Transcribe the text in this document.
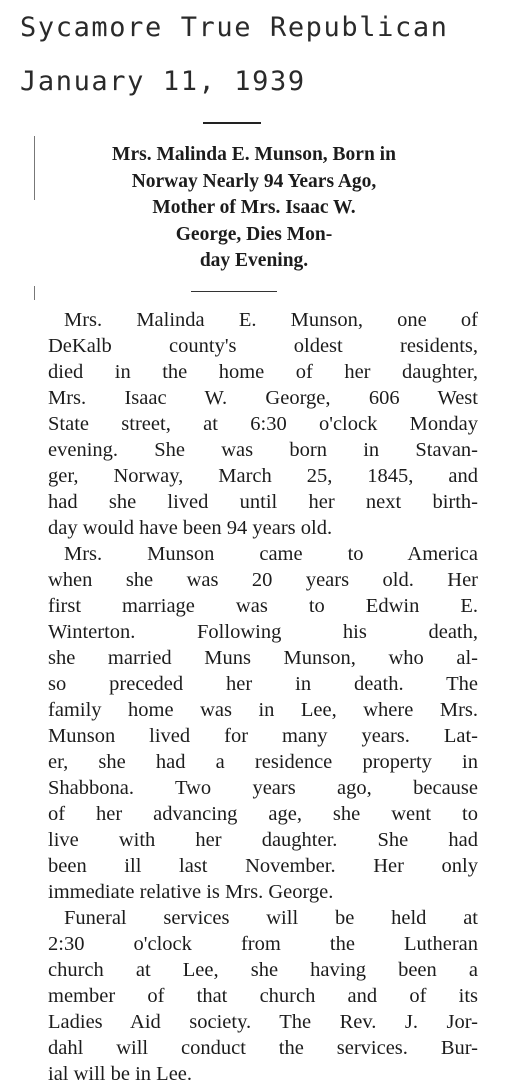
Sycamore True Republican
January 11, 1939
Mrs. Malinda E. Munson, Born in
Norway Nearly 94 Years Ago,
Mother of Mrs. Isaac W.
George, Dies Mon-
day Evening.
Mrs. Malinda E. Munson, one of
DeKalb county's oldest residents,
died in the home of her daughter,
Mrs. Isaac W. George, 606 West
State street, at 6:30 o'clock Monday
evening. She was born in Stavan-
ger, Norway, March 25, 1845, and
had she lived until her next birth-
day would have been 94 years old.
Mrs. Munson came to America
when she was 20 years old. Her
first marriage was to Edwin E.
Winterton. Following his death,
she married Muns Munson, who al-
so preceded her in death. The
family home was in Lee, where Mrs.
Munson lived for many years. Lat-
er, she had a residence property in
Shabbona. Two years ago, because
of her advancing age, she went to
live with her daughter. She had
been ill last November. Her only
immediate relative is Mrs. George.
Funeral services will be held at
2:30 o'clock from the Lutheran
church at Lee, she having been a
member of that church and of its
Ladies Aid society. The Rev. J. Jor-
dahl will conduct the services. Bur-
ial will be in Lee.
